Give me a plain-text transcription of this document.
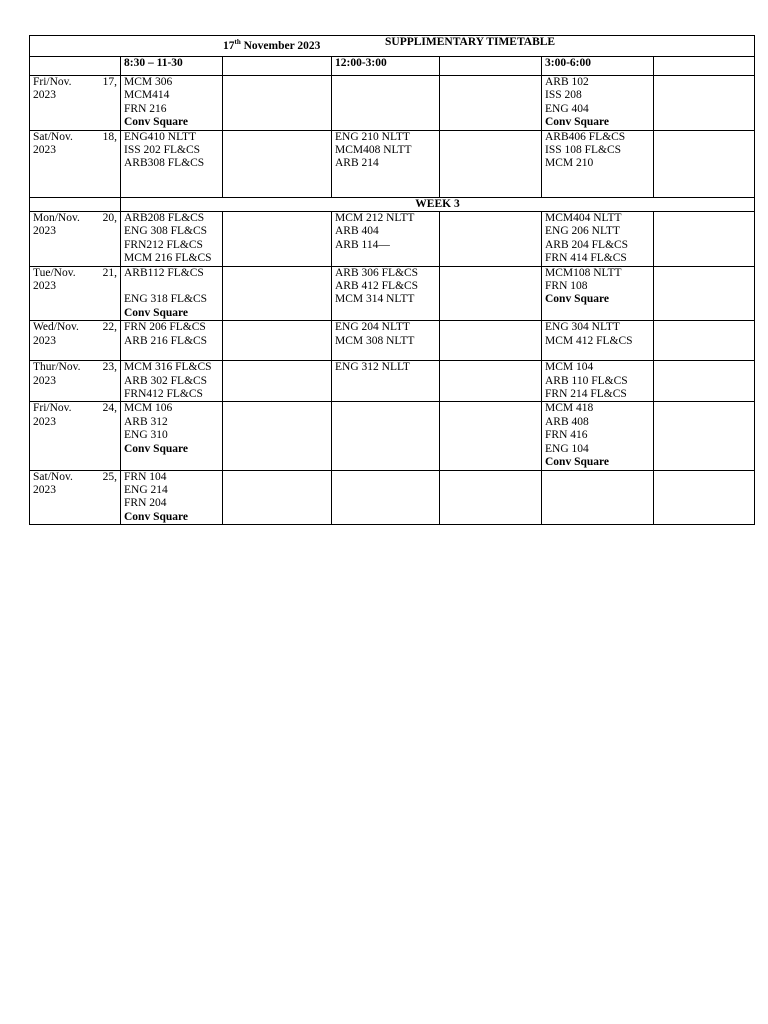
17th November 2023 SUPPLIMENTARY TIMETABLE						

	8:30 – 11-30		12:00-3:00		3:00-6:00	

Fri/Nov. 17,
2023	MCM 306
MCM414
FRN 216
Conv Square				ARB 102
ISS 208
ENG 404
Conv Square	

Sat/Nov. 18,
2023	ENG410 NLTT
ISS 202 FL&CS
ARB308 FL&CS		ENG 210 NLTT
MCM408 NLTT
ARB 214		ARB406 FL&CS
ISS 108 FL&CS
MCM 210	

	WEEK 3					

Mon/Nov. 20,
2023	ARB208 FL&CS
ENG 308 FL&CS
FRN212 FL&CS
MCM 216 FL&CS		MCM 212 NLTT
ARB 404
ARB 114—		MCM404 NLTT
ENG 206 NLTT
ARB 204 FL&CS
FRN 414 FL&CS	

Tue/Nov. 21,
2023	ARB112 FL&CS
ENG 318 FL&CS
Conv Square		ARB 306 FL&CS
ARB 412 FL&CS
MCM 314 NLTT		MCM108 NLTT
FRN 108
Conv Square	

Wed/Nov. 22,
2023	FRN 206 FL&CS
ARB 216 FL&CS		ENG 204 NLTT
MCM 308 NLTT		ENG 304 NLTT
MCM 412 FL&CS	

Thur/Nov. 23,
2023	MCM 316 FL&CS
ARB 302 FL&CS
FRN412 FL&CS		ENG 312 NLLT		MCM 104
ARB 110 FL&CS
FRN 214 FL&CS	

Fri/Nov. 24,
2023	MCM 106
ARB 312
ENG 310
Conv Square				MCM 418
ARB 408
FRN 416
ENG 104
Conv Square	

Sat/Nov. 25,
2023	FRN 104
ENG 214
FRN 204
Conv Square					
